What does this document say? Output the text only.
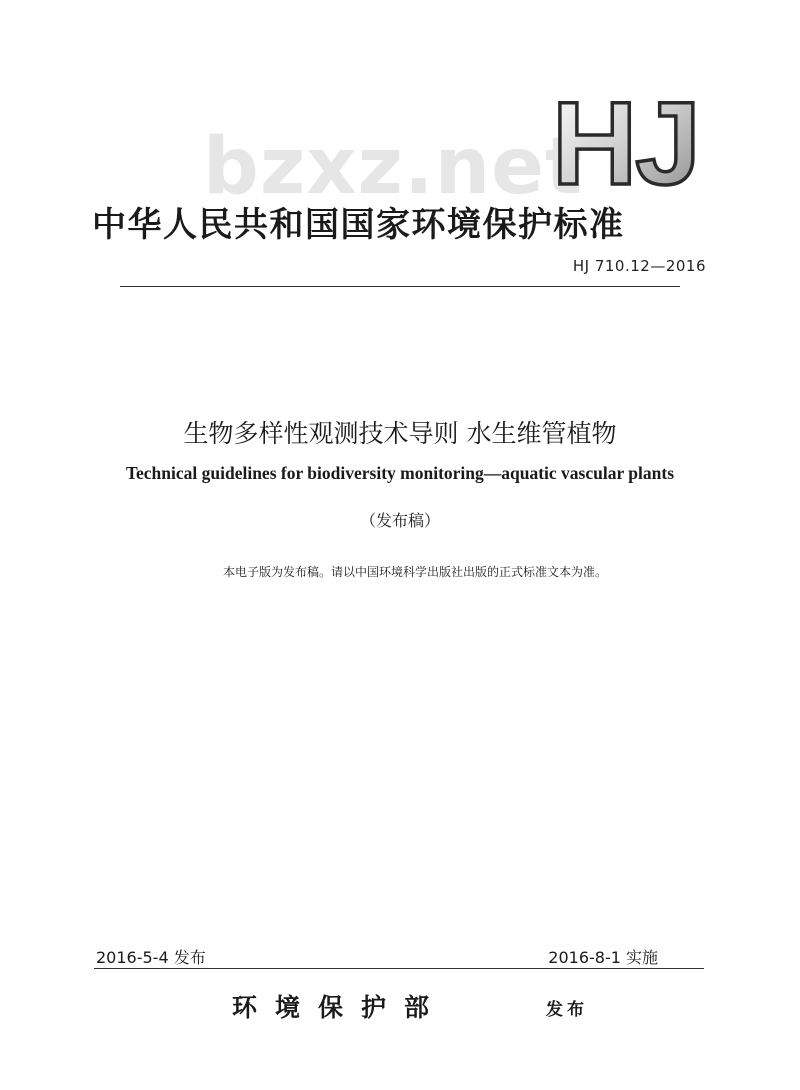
bzxz.net
HJ
中华人民共和国国家环境保护标准
HJ 710.12—2016
生物多样性观测技术导则 水生维管植物
Technical guidelines for biodiversity monitoring—aquatic vascular plants
（发布稿）
本电子版为发布稿。请以中国环境科学出版社出版的正式标准文本为准。
2016-5-4 发布	2016-8-1 实施
环境保护部	发布
